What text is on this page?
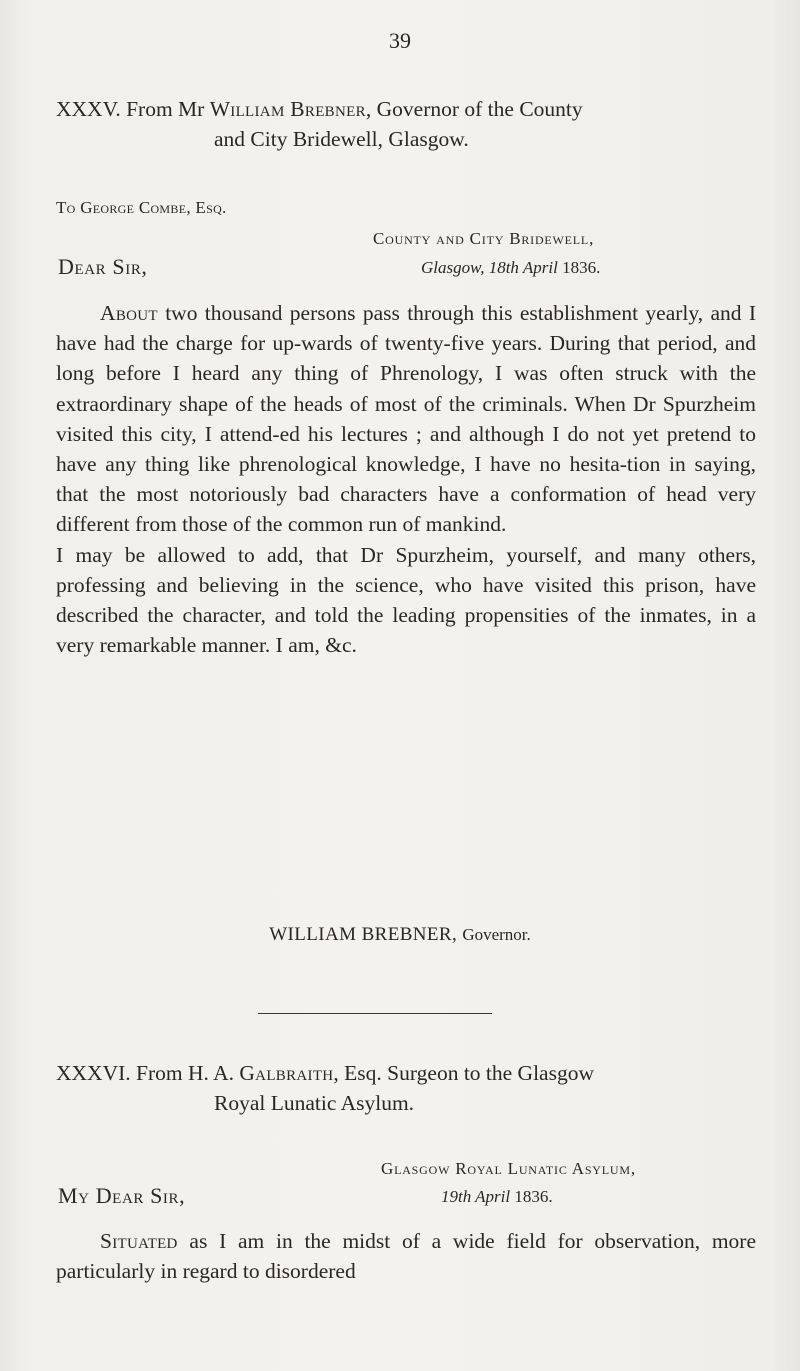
39
XXXV. From Mr William Brebner, Governor of the County
and City Bridewell, Glasgow.
To George Combe, Esq.
County and City Bridewell,
Dear Sir,	Glasgow, 18th April 1836.

About two thousand persons pass through this establishment yearly, and I have had the charge for up-wards of twenty-five years. During that period, and long before I heard any thing of Phrenology, I was often struck with the extraordinary shape of the heads of most of the criminals. When Dr Spurzheim visited this city, I attend-ed his lectures ; and although I do not yet pretend to have any thing like phrenological knowledge, I have no hesita-tion in saying, that the most notoriously bad characters have a conformation of head very different from those of the common run of mankind.

I may be allowed to add, that Dr Spurzheim, yourself, and many others, professing and believing in the science, who have visited this prison, have described the character, and told the leading propensities of the inmates, in a very remarkable manner. I am, &c.

WILLIAM BREBNER, Governor.
XXXVI. From H. A. Galbraith, Esq. Surgeon to the Glasgow
Royal Lunatic Asylum.
Glasgow Royal Lunatic Asylum,
My Dear Sir,	19th April 1836.

Situated as I am in the midst of a wide field for observation, more particularly in regard to disordered
